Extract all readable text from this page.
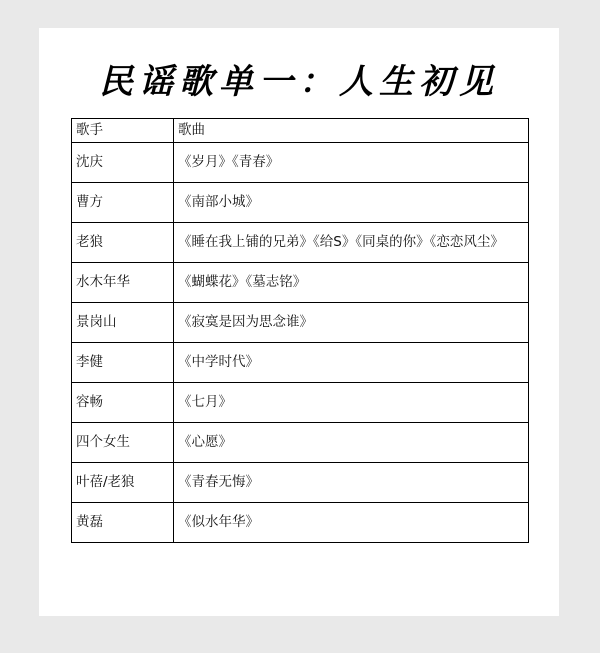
民谣歌单一：人生初见
歌手	歌曲
沈庆	《岁月》《青春》
曹方	《南部小城》
老狼	《睡在我上铺的兄弟》《给S》《同桌的你》《恋恋风尘》
水木年华	《蝴蝶花》《墓志铭》
景岗山	《寂寞是因为思念谁》
李健	《中学时代》
容畅	《七月》
四个女生	《心愿》
叶蓓/老狼	《青春无悔》
黄磊	《似水年华》
